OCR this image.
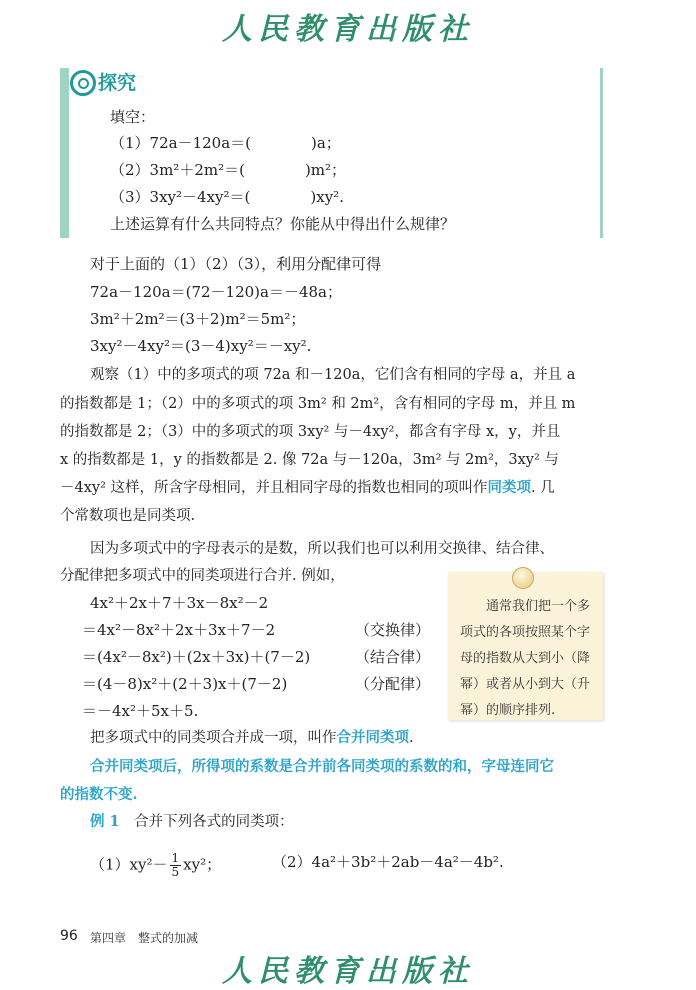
人民教育出版社
探究
填空：
（1）72a－120a＝(　　　　)a；
（2）3m²＋2m²＝(　　　　)m²；
（3）3xy²－4xy²＝(　　　　)xy².
上述运算有什么共同特点？你能从中得出什么规律？
对于上面的（1）（2）（3），利用分配律可得
72a－120a＝(72－120)a＝－48a；
3m²＋2m²＝(3＋2)m²＝5m²；
3xy²－4xy²＝(3－4)xy²＝－xy².
观察（1）中的多项式的项 72a 和－120a，它们含有相同的字母 a，并且 a
的指数都是 1；（2）中的多项式的项 3m² 和 2m²，含有相同的字母 m，并且 m
的指数都是 2；（3）中的多项式的项 3xy² 与－4xy²，都含有字母 x，y，并且
x 的指数都是 1，y 的指数都是 2. 像 72a 与－120a，3m² 与 2m²，3xy² 与
－4xy² 这样，所含字母相同，并且相同字母的指数也相同的项叫作同类项. 几
个常数项也是同类项.
因为多项式中的字母表示的是数，所以我们也可以利用交换律、结合律、
分配律把多项式中的同类项进行合并. 例如，
4x²＋2x＋7＋3x－8x²－2
＝4x²－8x²＋2x＋3x＋7－2	（交换律）
＝(4x²－8x²)＋(2x＋3x)＋(7－2)	（结合律）
＝(4－8)x²＋(2＋3)x＋(7－2)	（分配律）
＝－4x²＋5x＋5.
　　通常我们把一个多
项式的各项按照某个字
母的指数从大到小（降
幂）或者从小到大（升
幂）的顺序排列.
把多项式中的同类项合并成一项，叫作合并同类项.
合并同类项后，所得项的系数是合并前各同类项的系数的和，字母连同它
的指数不变.
例 1　 合并下列各式的同类项：
$(1)xy^2- \frac{1}{5} xy^2$；	（2）4a²＋3b²＋2ab－4a²－4b².
96 第四章　整式的加减
人民教育出版社
